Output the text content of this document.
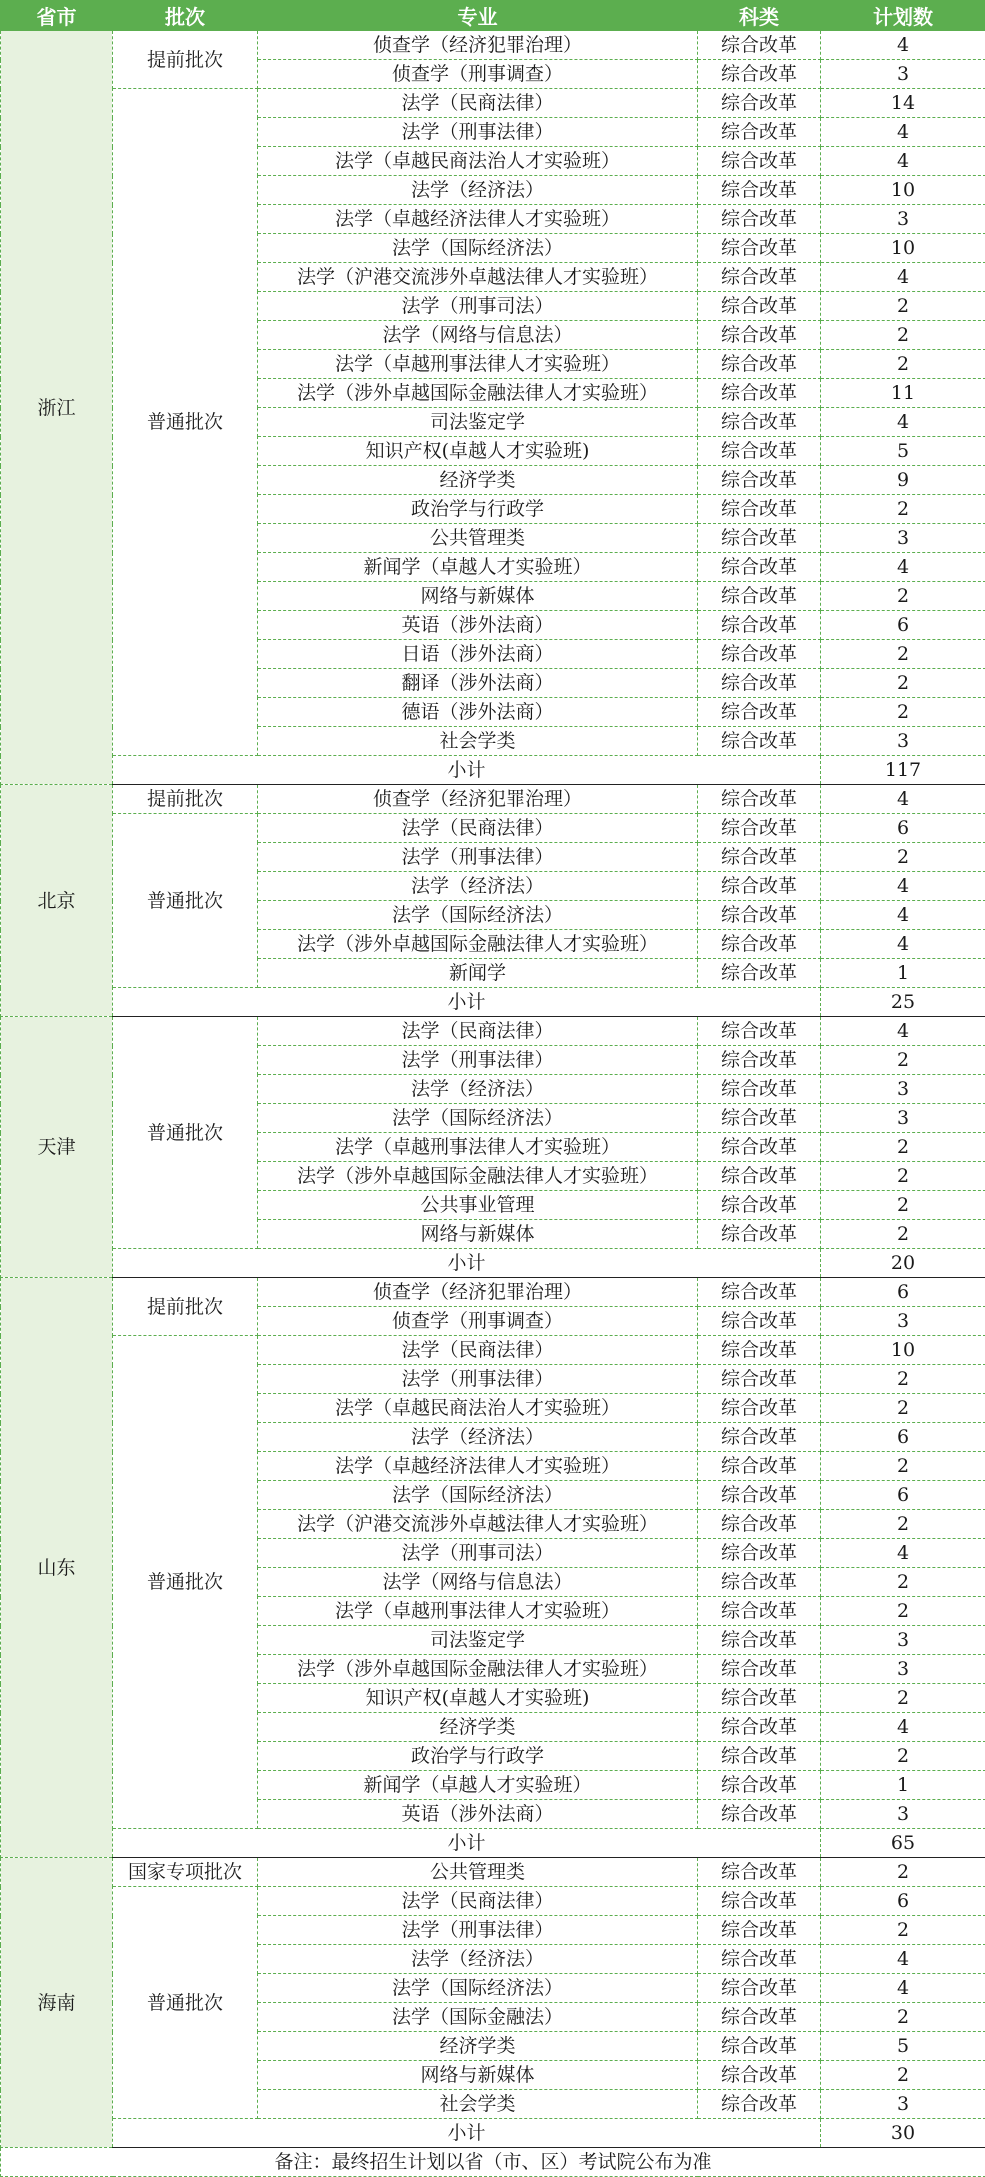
省市	批次	专业	科类	计划数
浙江	提前批次	侦查学（经济犯罪治理）	综合改革	4
		侦查学（刑事调查）	综合改革	3
	普通批次	法学（民商法律）	综合改革	14
		法学（刑事法律）	综合改革	4
		法学（卓越民商法治人才实验班）	综合改革	4
		法学（经济法）	综合改革	10
		法学（卓越经济法律人才实验班）	综合改革	3
		法学（国际经济法）	综合改革	10
		法学（沪港交流涉外卓越法律人才实验班）	综合改革	4
		法学（刑事司法）	综合改革	2
		法学（网络与信息法）	综合改革	2
		法学（卓越刑事法律人才实验班）	综合改革	2
		法学（涉外卓越国际金融法律人才实验班）	综合改革	11
		司法鉴定学	综合改革	4
		知识产权(卓越人才实验班)	综合改革	5
		经济学类	综合改革	9
		政治学与行政学	综合改革	2
		公共管理类	综合改革	3
		新闻学（卓越人才实验班）	综合改革	4
		网络与新媒体	综合改革	2
		英语（涉外法商）	综合改革	6
		日语（涉外法商）	综合改革	2
		翻译（涉外法商）	综合改革	2
		德语（涉外法商）	综合改革	2
		社会学类	综合改革	3
	小计			117
北京	提前批次	侦查学（经济犯罪治理）	综合改革	4
	普通批次	法学（民商法律）	综合改革	6
		法学（刑事法律）	综合改革	2
		法学（经济法）	综合改革	4
		法学（国际经济法）	综合改革	4
		法学（涉外卓越国际金融法律人才实验班）	综合改革	4
		新闻学	综合改革	1
	小计			25
天津	普通批次	法学（民商法律）	综合改革	4
		法学（刑事法律）	综合改革	2
		法学（经济法）	综合改革	3
		法学（国际经济法）	综合改革	3
		法学（卓越刑事法律人才实验班）	综合改革	2
		法学（涉外卓越国际金融法律人才实验班）	综合改革	2
		公共事业管理	综合改革	2
		网络与新媒体	综合改革	2
	小计			20
山东	提前批次	侦查学（经济犯罪治理）	综合改革	6
		侦查学（刑事调查）	综合改革	3
	普通批次	法学（民商法律）	综合改革	10
		法学（刑事法律）	综合改革	2
		法学（卓越民商法治人才实验班）	综合改革	2
		法学（经济法）	综合改革	6
		法学（卓越经济法律人才实验班）	综合改革	2
		法学（国际经济法）	综合改革	6
		法学（沪港交流涉外卓越法律人才实验班）	综合改革	2
		法学（刑事司法）	综合改革	4
		法学（网络与信息法）	综合改革	2
		法学（卓越刑事法律人才实验班）	综合改革	2
		司法鉴定学	综合改革	3
		法学（涉外卓越国际金融法律人才实验班）	综合改革	3
		知识产权(卓越人才实验班)	综合改革	2
		经济学类	综合改革	4
		政治学与行政学	综合改革	2
		新闻学（卓越人才实验班）	综合改革	1
		英语（涉外法商）	综合改革	3
	小计			65
海南	国家专项批次	公共管理类	综合改革	2
	普通批次	法学（民商法律）	综合改革	6
		法学（刑事法律）	综合改革	2
		法学（经济法）	综合改革	4
		法学（国际经济法）	综合改革	4
		法学（国际金融法）	综合改革	2
		经济学类	综合改革	5
		网络与新媒体	综合改革	2
		社会学类	综合改革	3
	小计			30
备注：最终招生计划以省（市、区）考试院公布为准				
